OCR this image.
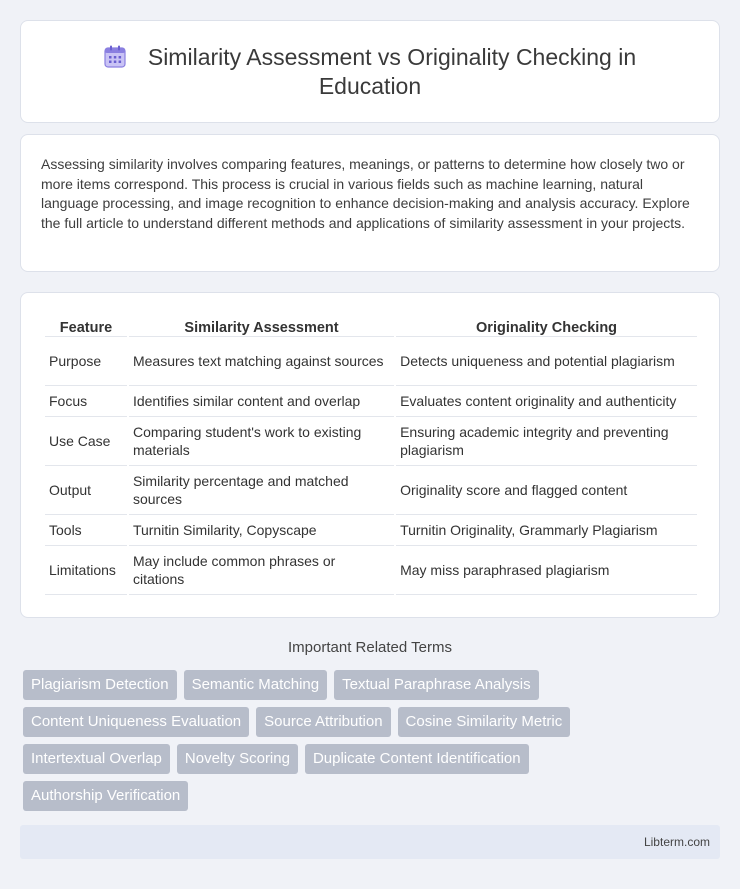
Similarity Assessment vs Originality Checking in Education

Assessing similarity involves comparing features, meanings, or patterns to determine how closely two or more items correspond. This process is crucial in various fields such as machine learning, natural language processing, and image recognition to enhance decision-making and analysis accuracy. Explore the full article to understand different methods and applications of similarity assessment in your projects.

Feature	Similarity Assessment	Originality Checking
Purpose	Measures text matching against sources	Detects uniqueness and potential plagiarism
Focus	Identifies similar content and overlap	Evaluates content originality and authenticity
Use Case	Comparing student's work to existing materials	Ensuring academic integrity and preventing plagiarism
Output	Similarity percentage and matched sources	Originality score and flagged content
Tools	Turnitin Similarity, Copyscape	Turnitin Originality, Grammarly Plagiarism
Limitations	May include common phrases or citations	May miss paraphrased plagiarism
Important Related Terms
Plagiarism Detection	Semantic Matching	Textual Paraphrase Analysis
Content Uniqueness Evaluation	Source Attribution	Cosine Similarity Metric
Intertextual Overlap	Novelty Scoring	Duplicate Content Identification
Authorship Verification
Libterm.com
